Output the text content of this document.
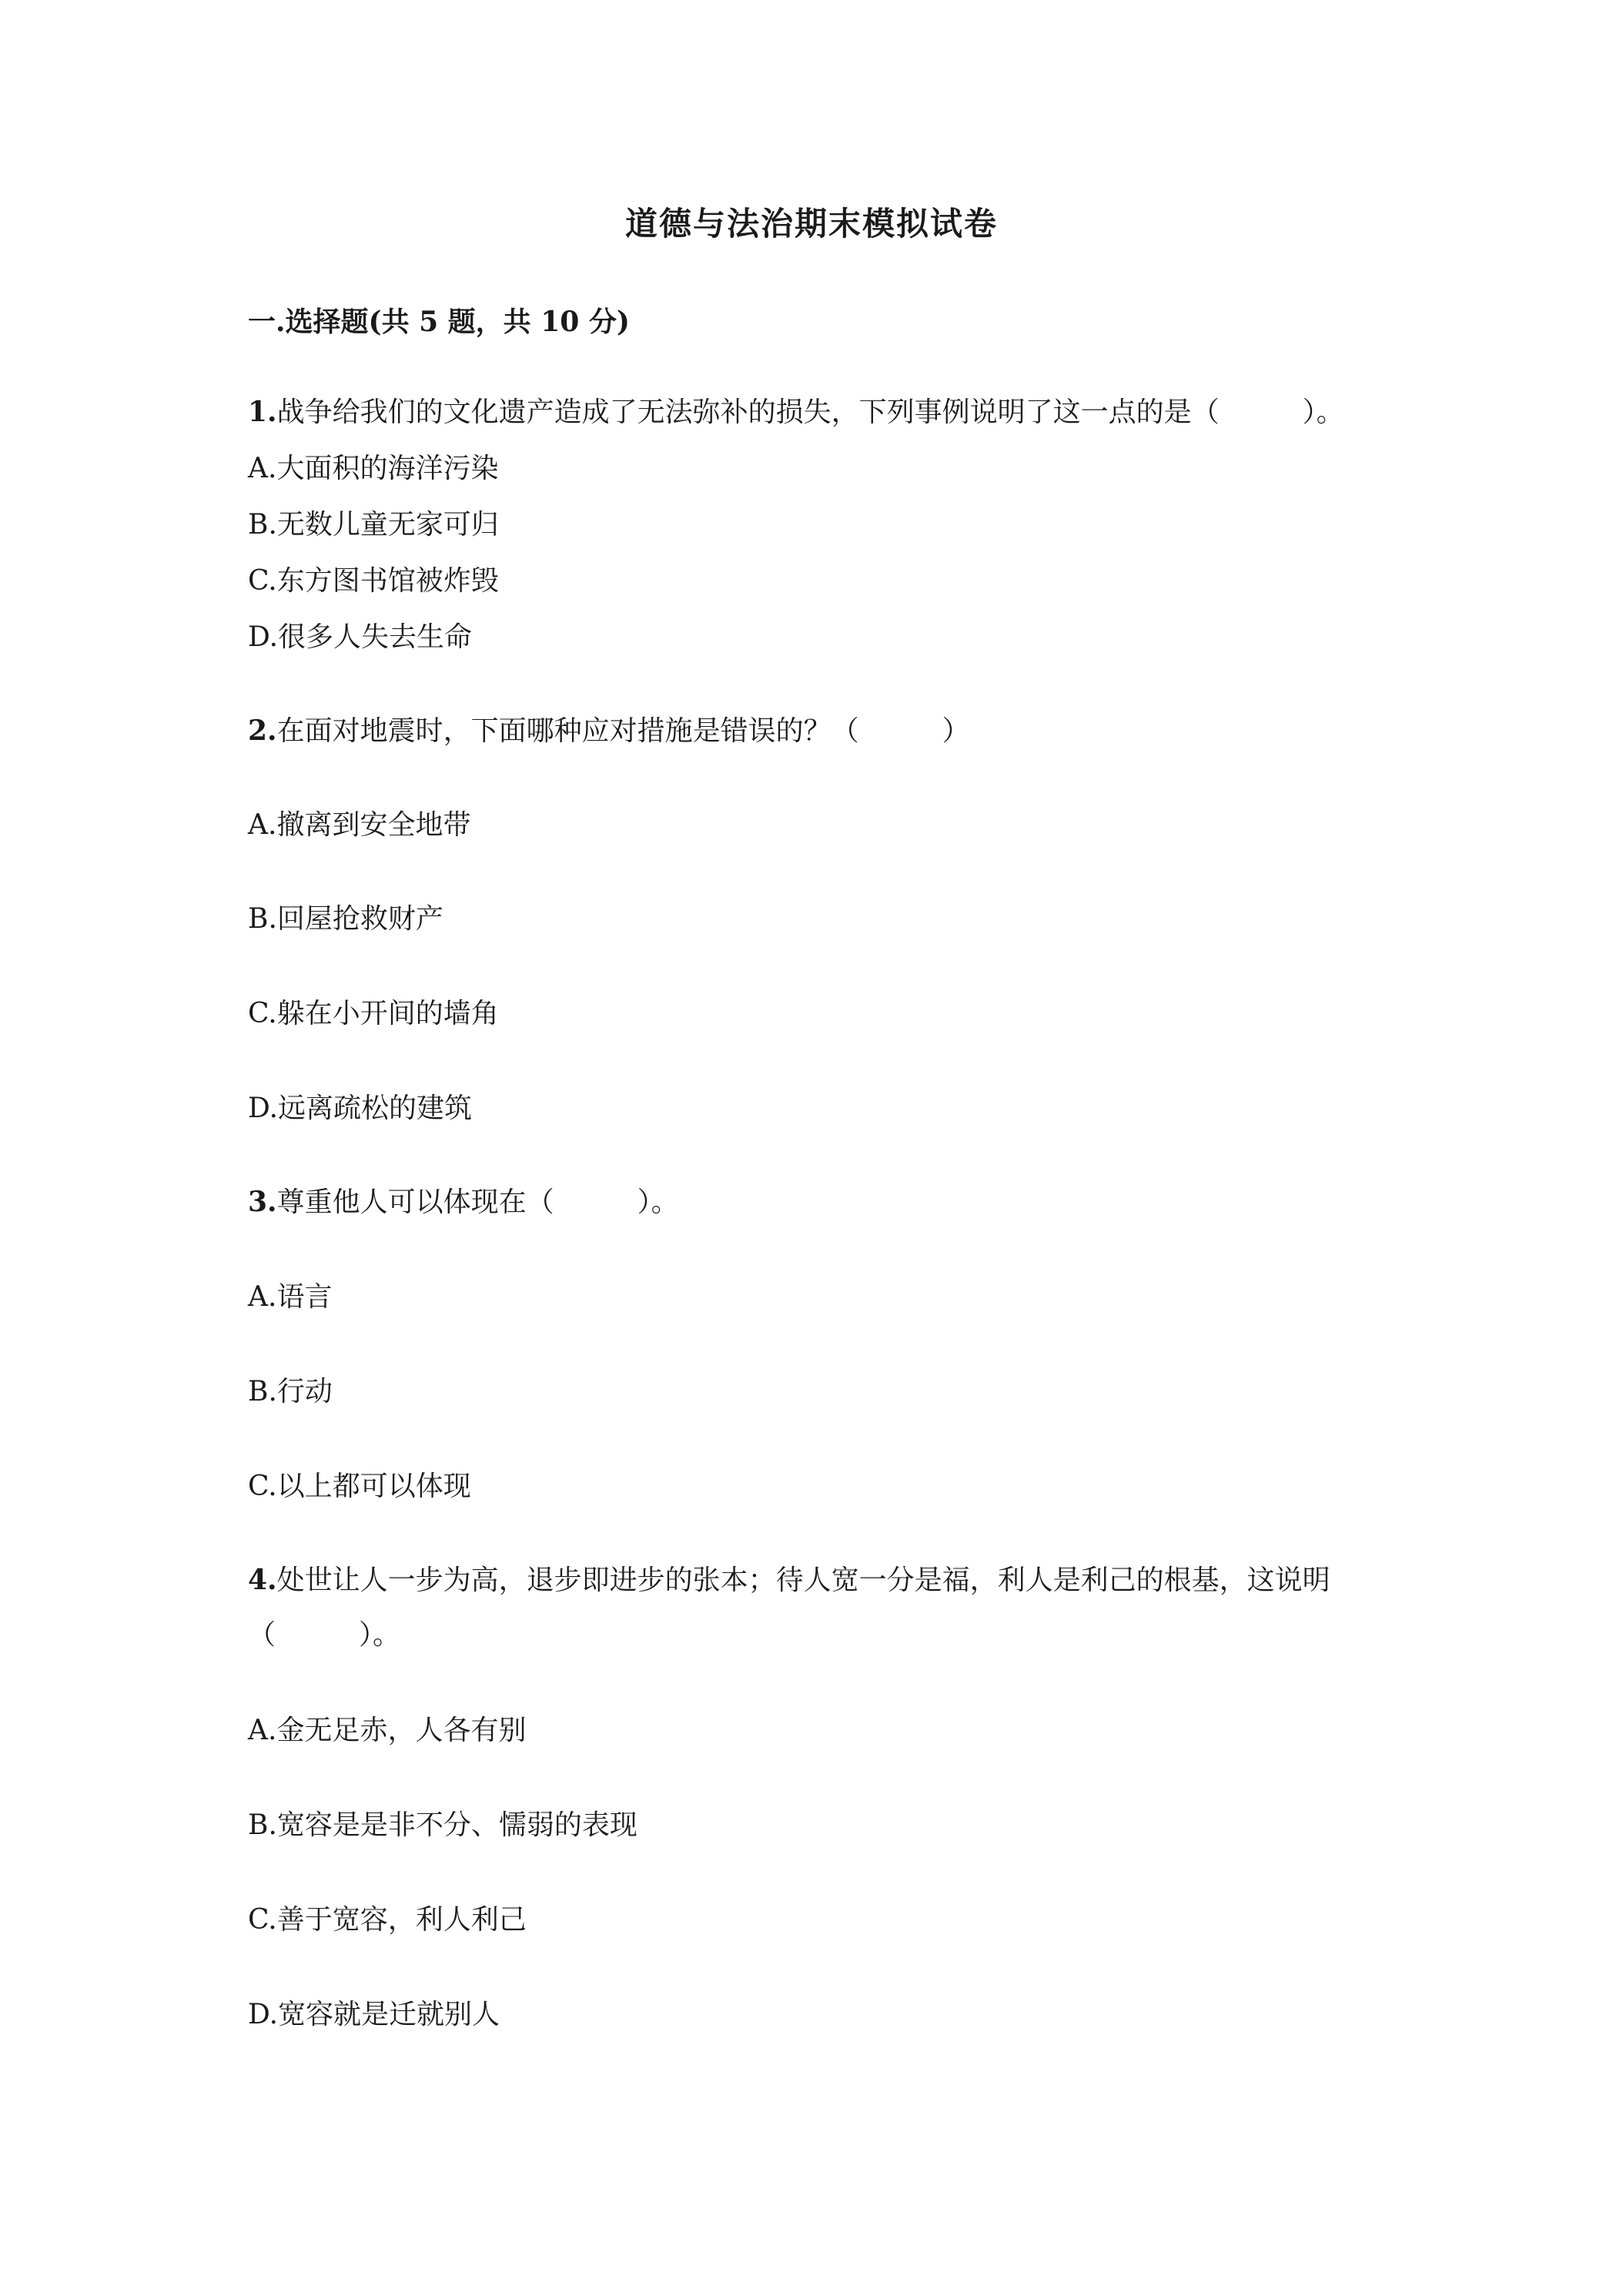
道德与法治期末模拟试卷
一.选择题(共 5 题，共 10 分)
1.战争给我们的文化遗产造成了无法弥补的损失，下列事例说明了这一点的是（　　　）。
A.大面积的海洋污染
B.无数儿童无家可归
C.东方图书馆被炸毁
D.很多人失去生命
2.在面对地震时，下面哪种应对措施是错误的？（　　　）
A.撤离到安全地带
B.回屋抢救财产
C.躲在小开间的墙角
D.远离疏松的建筑
3.尊重他人可以体现在（　　　）。
A.语言
B.行动
C.以上都可以体现
4.处世让人一步为高，退步即进步的张本；待人宽一分是福，利人是利己的根基，这说明
（　　　）。
A.金无足赤，人各有别
B.宽容是是非不分、懦弱的表现
C.善于宽容，利人利己
D.宽容就是迁就别人
